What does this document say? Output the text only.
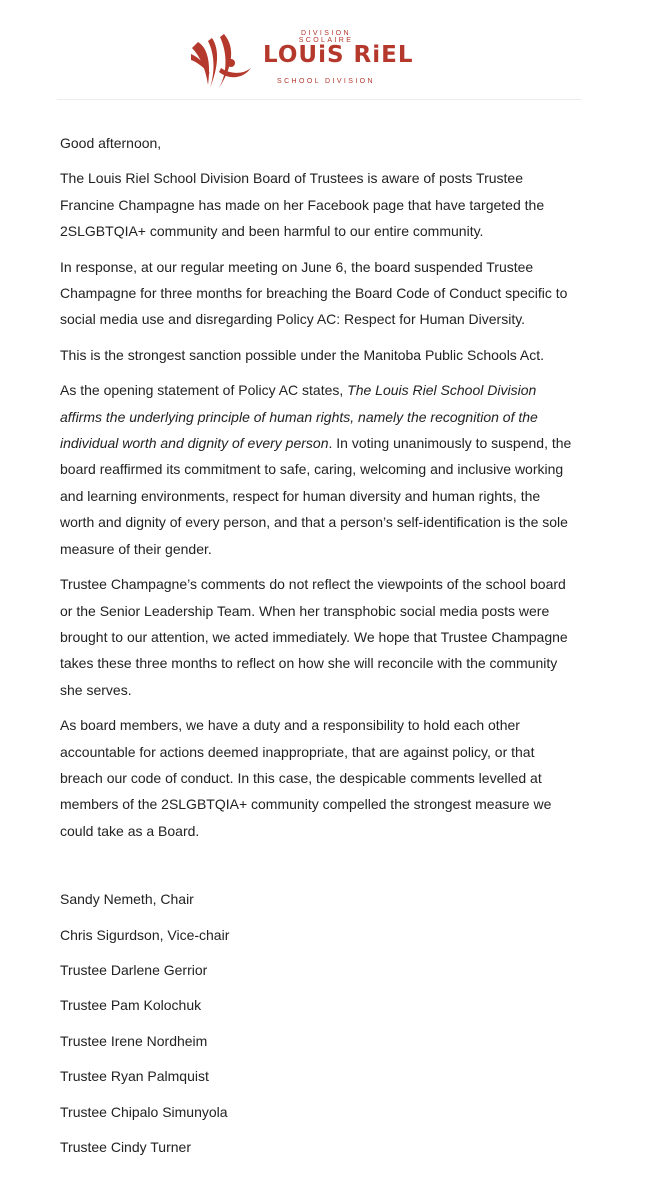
DIVISION SCOLAIRE
LOUiS RiEL
SCHOOL DIVISION

Good afternoon,

The Louis Riel School Division Board of Trustees is aware of posts Trustee Francine Champagne has made on her Facebook page that have targeted the 2SLGBTQIA+ community and been harmful to our entire community.

In response, at our regular meeting on June 6, the board suspended Trustee Champagne for three months for breaching the Board Code of Conduct specific to social media use and disregarding Policy AC: Respect for Human Diversity.

This is the strongest sanction possible under the Manitoba Public Schools Act.

As the opening statement of Policy AC states, The Louis Riel School Division affirms the underlying principle of human rights, namely the recognition of the individual worth and dignity of every person. In voting unanimously to suspend, the board reaffirmed its commitment to safe, caring, welcoming and inclusive working and learning environments, respect for human diversity and human rights, the worth and dignity of every person, and that a person’s self-identification is the sole measure of their gender.

Trustee Champagne’s comments do not reflect the viewpoints of the school board or the Senior Leadership Team. When her transphobic social media posts were brought to our attention, we acted immediately. We hope that Trustee Champagne takes these three months to reflect on how she will reconcile with the community she serves.

As board members, we have a duty and a responsibility to hold each other accountable for actions deemed inappropriate, that are against policy, or that breach our code of conduct. In this case, the despicable comments levelled at members of the 2SLGBTQIA+ community compelled the strongest measure we could take as a Board.

Sandy Nemeth, Chair

Chris Sigurdson, Vice-chair

Trustee Darlene Gerrior

Trustee Pam Kolochuk

Trustee Irene Nordheim

Trustee Ryan Palmquist

Trustee Chipalo Simunyola

Trustee Cindy Turner
